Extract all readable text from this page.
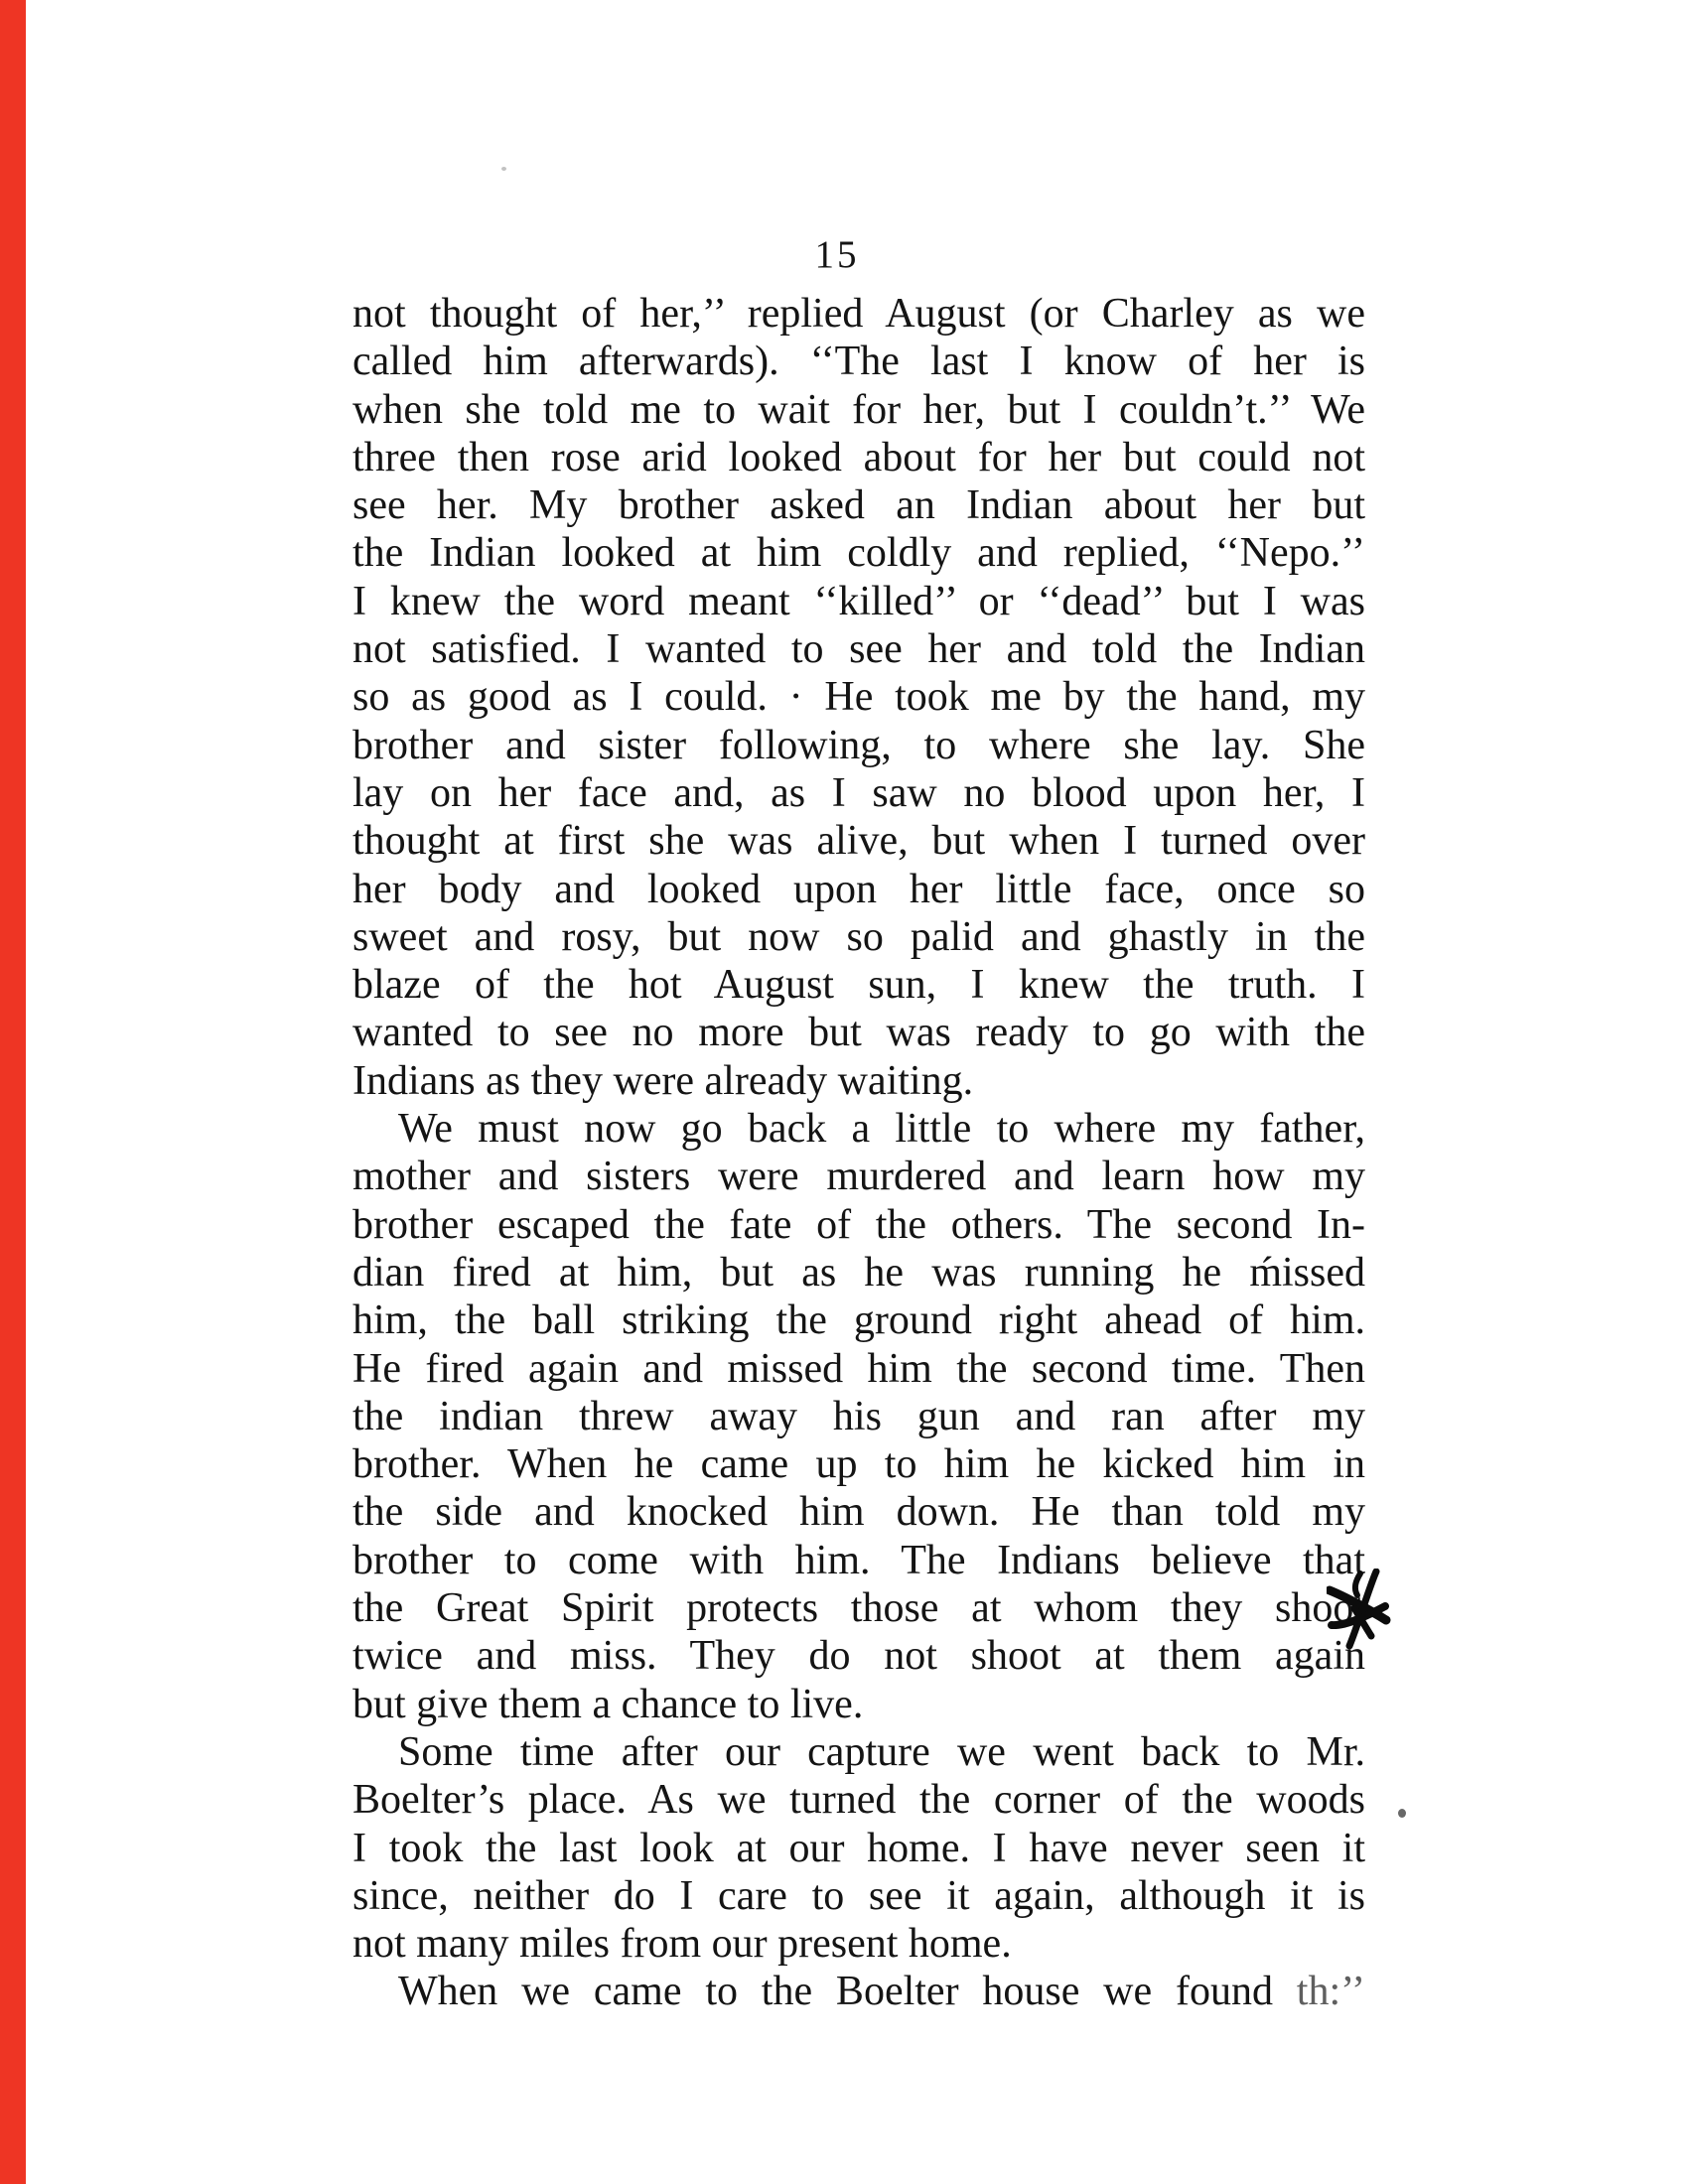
15
not thought of her,’’ replied August (or Charley as we
called him afterwards). ‘‘The last I know of her is
when she told me to wait for her, but I couldn’t.’’ We
three then rose arid looked about for her but could not
see her. My brother asked an Indian about her but
the Indian looked at him coldly and replied, ‘‘Nepo.’’
I knew the word meant ‘‘killed’’ or ‘‘dead’’ but I was
not satisfied. I wanted to see her and told the Indian
so as good as I could. · He took me by the hand, my
brother and sister following, to where she lay. She
lay on her face and, as I saw no blood upon her, I
thought at first she was alive, but when I turned over
her body and looked upon her little face, once so
sweet and rosy, but now so palid and ghastly in the
blaze of the hot August sun, I knew the truth. I
wanted to see no more but was ready to go with the
Indians as they were already waiting.
We must now go back a little to where my father,
mother and sisters were murdered and learn how my
brother escaped the fate of the others. The second In-
dian fired at him, but as he was running he ḿissed
him, the ball striking the ground right ahead of him.
He fired again and missed him the second time. Then
the indian threw away his gun and ran after my
brother. When he came up to him he kicked him in
the side and knocked him down. He than told my
brother to come with him. The Indians believe that
the Great Spirit protects those at whom they shoot
twice and miss. They do not shoot at them again
but give them a chance to live.
Some time after our capture we went back to Mr.
Boelter’s place. As we turned the corner of the woods
I took the last look at our home. I have never seen it
since, neither do I care to see it again, although it is
not many miles from our present home.
When we came to the Boelter house we found th:’’
